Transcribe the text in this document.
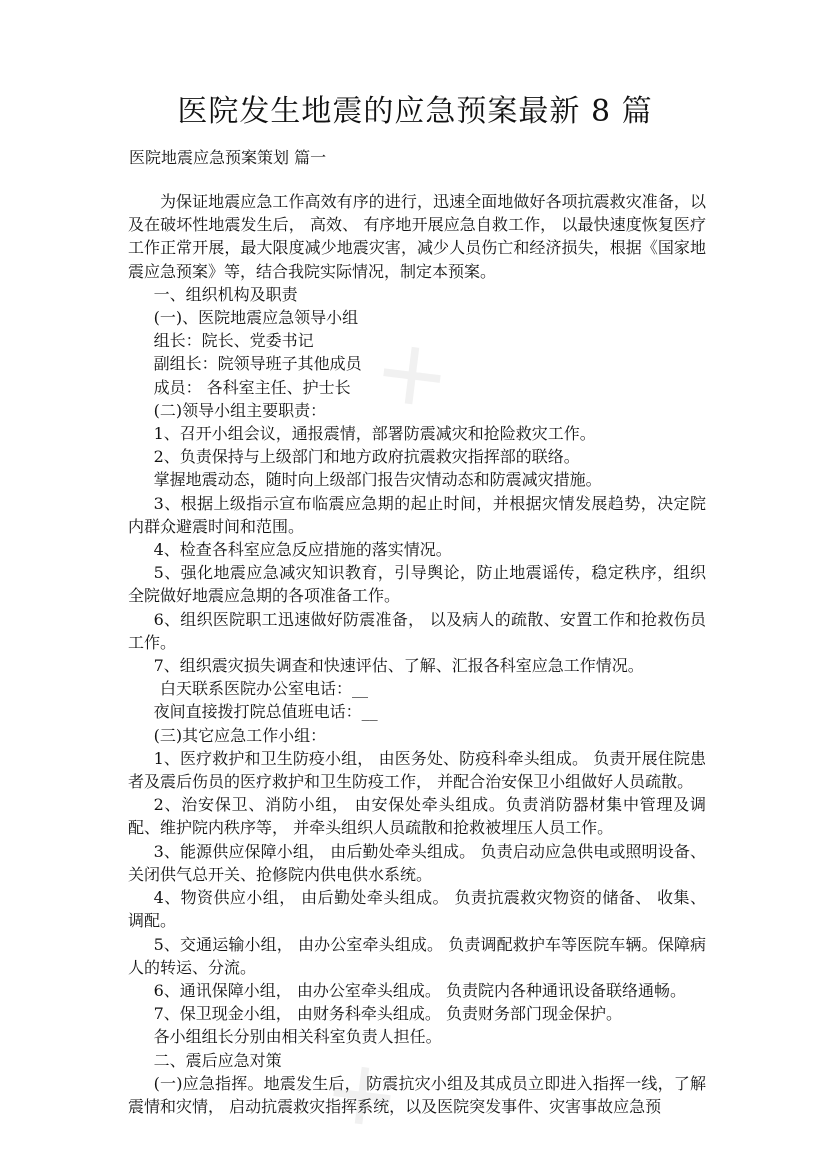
✕
✕
医院发生地震的应急预案最新 8 篇
医院地震应急预案策划 篇一

为保证地震应急工作高效有序的进行，迅速全面地做好各项抗震救灾准备，以及在破坏性地震发生后， 高效、 有序地开展应急自救工作， 以最快速度恢复医疗工作正常开展，最大限度减少地震灾害，减少人员伤亡和经济损失，根据《国家地震应急预案》等，结合我院实际情况，制定本预案。

一、组织机构及职责

(一)、医院地震应急领导小组

组长：院长、党委书记

副组长：院领导班子其他成员

成员： 各科室主任、护士长

(二)领导小组主要职责：

1、召开小组会议，通报震情，部署防震减灾和抢险救灾工作。

2、负责保持与上级部门和地方政府抗震救灾指挥部的联络。

掌握地震动态，随时向上级部门报告灾情动态和防震减灾措施。

3、根据上级指示宣布临震应急期的起止时间，并根据灾情发展趋势，决定院内群众避震时间和范围。

4、检查各科室应急反应措施的落实情况。

5、强化地震应急减灾知识教育，引导舆论，防止地震谣传，稳定秩序，组织全院做好地震应急期的各项准备工作。

6、组织医院职工迅速做好防震准备， 以及病人的疏散、安置工作和抢救伤员工作。

7、组织震灾损失调查和快速评估、了解、汇报各科室应急工作情况。

白天联系医院办公室电话：__

夜间直接拨打院总值班电话：__

(三)其它应急工作小组：

1、医疗救护和卫生防疫小组， 由医务处、防疫科牵头组成。 负责开展住院患者及震后伤员的医疗救护和卫生防疫工作， 并配合治安保卫小组做好人员疏散。

2、治安保卫、消防小组， 由安保处牵头组成。负责消防器材集中管理及调配、维护院内秩序等， 并牵头组织人员疏散和抢救被埋压人员工作。

3、能源供应保障小组， 由后勤处牵头组成。 负责启动应急供电或照明设备、关闭供气总开关、抢修院内供电供水系统。

4、物资供应小组， 由后勤处牵头组成。 负责抗震救灾物资的储备、 收集、调配。

5、交通运输小组， 由办公室牵头组成。 负责调配救护车等医院车辆。保障病人的转运、分流。

6、通讯保障小组， 由办公室牵头组成。 负责院内各种通讯设备联络通畅。

7、保卫现金小组， 由财务科牵头组成。 负责财务部门现金保护。

各小组组长分别由相关科室负责人担任。

二、震后应急对策

(一)应急指挥。地震发生后， 防震抗灾小组及其成员立即进入指挥一线，了解震情和灾情， 启动抗震救灾指挥系统，以及医院突发事件、灾害事故应急预
